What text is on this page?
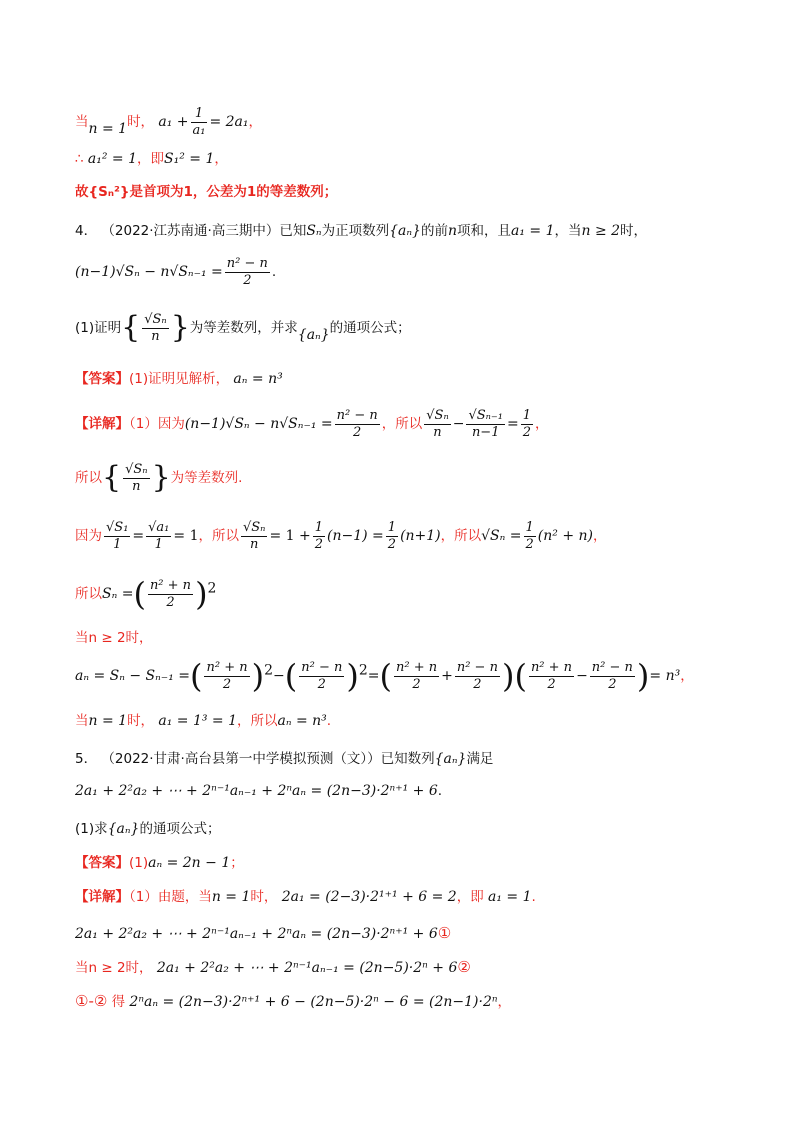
当n = 1时， $a_1 + \frac{1}{\text{a₁}} = 2a_1$，
∴ a₁² = 1，即S₁² = 1，
故{Sₙ²}是首项为1，公差为1的等差数列；
4． （2022·江苏南通·高三期中）已知Sₙ为正项数列{aₙ}的前n项和，且a₁ = 1，当n ≥ 2时，
$(n-1)√S_n - n√S_{n-1} = \frac{\text{n² − n}}{2}$ .
(1)证明{ $\frac{\text{√Sₙ}}{n}$ }为等差数列，并求{aₙ}的通项公式；
【答案】(1)证明见解析， aₙ = n³
【详解】（1）因为$(n-1)√S_n - n√S_{n-1} = \frac{\text{n² − n}}{2}$ ，所以 $\frac{\text{√Sₙ}}{n} - \frac{\text{√Sₙ₋₁}}{n-1} = \frac{1}{2}$ ，
所以{ $\frac{\text{√Sₙ}}{n}$ }为等差数列.
因为 $\frac{\text{√S₁}}{1} = \frac{\text{√a₁}}{1} = 1$，所以 $\frac{\text{√Sₙ}}{n} = 1 + \frac{1}{2} (n-1) = \frac{1}{2} (n+1)$，所以$√S_n = \frac{1}{2} (n^2 + n)$，
所以Sₙ =( $\frac{\text{n² + n}}{2} )^2$
当n ≥ 2时，
aₙ = Sₙ − Sₙ₋₁ =( $\frac{\text{n² + n}}{2} )^2-( \frac{\text{n² − n}}{2} )^2=( \frac{\text{n² + n}}{2} + \frac{\text{n² − n}}{2}$ )( $\frac{\text{n² + n}}{2} - \frac{\text{n² − n}}{2}$ )= n³，
当n = 1时， a₁ = 1³ = 1，所以aₙ = n³.
5． （2022·甘肃·高台县第一中学模拟预测（文））已知数列{aₙ}满足
2a₁ + 2²a₂ + ⋯ + 2ⁿ⁻¹aₙ₋₁ + 2ⁿaₙ = (2n−3)·2ⁿ⁺¹ + 6.
(1)求{aₙ}的通项公式；
【答案】(1)aₙ = 2n − 1；
【详解】（1）由题，当n = 1时， 2a₁ = (2−3)·2¹⁺¹ + 6 = 2，即 a₁ = 1.
2a₁ + 2²a₂ + ⋯ + 2ⁿ⁻¹aₙ₋₁ + 2ⁿaₙ = (2n−3)·2ⁿ⁺¹ + 6①
当n ≥ 2时， 2a₁ + 2²a₂ + ⋯ + 2ⁿ⁻¹aₙ₋₁ = (2n−5)·2ⁿ + 6②
①-② 得 2ⁿaₙ = (2n−3)·2ⁿ⁺¹ + 6 − (2n−5)·2ⁿ − 6 = (2n−1)·2ⁿ，
